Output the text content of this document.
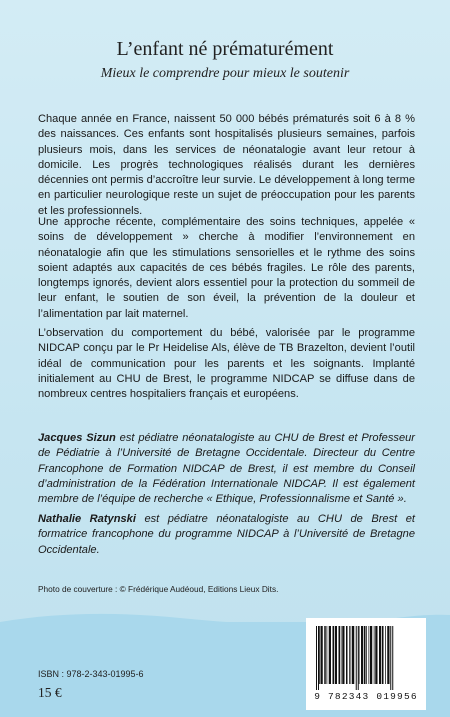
L’enfant né prématurément
Mieux le comprendre pour mieux le soutenir

Chaque année en France, naissent 50 000 bébés prématurés soit 6 à 8 % des naissances. Ces enfants sont hospitalisés plusieurs semaines, parfois plusieurs mois, dans les services de néonatalogie avant leur retour à domicile. Les progrès technologiques réalisés durant les dernières décennies ont permis d’accroître leur survie. Le développement à long terme en particulier neurologique reste un sujet de préoccupation pour les parents et les professionnels.

Une approche récente, complémentaire des soins techniques, appelée « soins de développement » cherche à modifier l’environnement en néonatalogie afin que les stimulations sensorielles et le rythme des soins soient adaptés aux capacités de ces bébés fragiles. Le rôle des parents, longtemps ignorés, devient alors essentiel pour la protection du sommeil de leur enfant, le soutien de son éveil, la prévention de la douleur et l’alimentation par lait maternel.

L’observation du comportement du bébé, valorisée par le programme NIDCAP conçu par le Pr Heidelise Als, élève de TB Brazelton, devient l’outil idéal de communication pour les parents et les soignants. Implanté initialement au CHU de Brest, le programme NIDCAP se diffuse dans de nombreux centres hospitaliers français et européens.

Jacques Sizun est pédiatre néonatalogiste au CHU de Brest et Professeur de Pédiatrie à l’Université de Bretagne Occidentale. Directeur du Centre Francophone de Formation NIDCAP de Brest, il est membre du Conseil d’administration de la Fédération Internationale NIDCAP. Il est également membre de l’équipe de recherche « Ethique, Professionnalisme et Santé ».

Nathalie Ratynski est pédiatre néonatalogiste au CHU de Brest et formatrice francophone du programme NIDCAP à l’Université de Bretagne Occidentale.

Photo de couverture : © Frédérique Audéoud, Editions Lieux Dits.
ISBN : 978-2-343-01995-6
15 €	9 782343 019956
